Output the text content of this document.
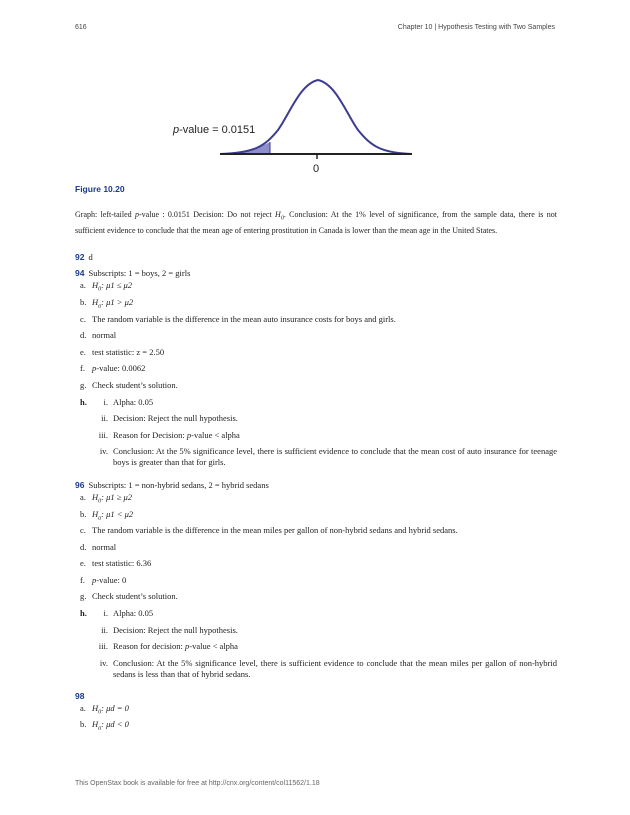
616	Chapter 10 | Hypothesis Testing with Two Samples
p-value = 0.0151
0
Figure 10.20
Graph: left-tailed p-value : 0.0151 Decision: Do not reject $H_0$. Conclusion: At the 1% level of significance, from the sample data, there is not sufficient evidence to conclude that the mean age of entering prostitution in Canada is lower than the mean age in the United States.
92 d
94 Subscripts: 1 = boys, 2 = girls
a. $H_0$: μ1 ≤ μ2
b. $H_a$: μ1 > μ2
c. The random variable is the difference in the mean auto insurance costs for boys and girls.
d. normal
e. test statistic: z = 2.50
f. p-value: 0.0062
g. Check student’s solution.
h.	i. Alpha: 0.05
ii. Decision: Reject the null hypothesis.
iii. Reason for Decision: p-value < alpha
iv. Conclusion: At the 5% significance level, there is sufficient evidence to conclude that the mean cost of auto insurance for teenage boys is greater than that for girls.
96 Subscripts: 1 = non-hybrid sedans, 2 = hybrid sedans
a. $H_0$: μ1 ≥ μ2
b. $H_a$: μ1 < μ2
c. The random variable is the difference in the mean miles per gallon of non-hybrid sedans and hybrid sedans.
d. normal
e. test statistic: 6.36
f. p-value: 0
g. Check student’s solution.
h.	i. Alpha: 0.05
ii. Decision: Reject the null hypothesis.
iii. Reason for decision: p-value < alpha
iv. Conclusion: At the 5% significance level, there is sufficient evidence to conclude that the mean miles per gallon of non-hybrid sedans is less than that of hybrid sedans.
98
a. $H_0$: μd = 0
b. $H_a$: μd < 0
This OpenStax book is available for free at http://cnx.org/content/col11562/1.18
